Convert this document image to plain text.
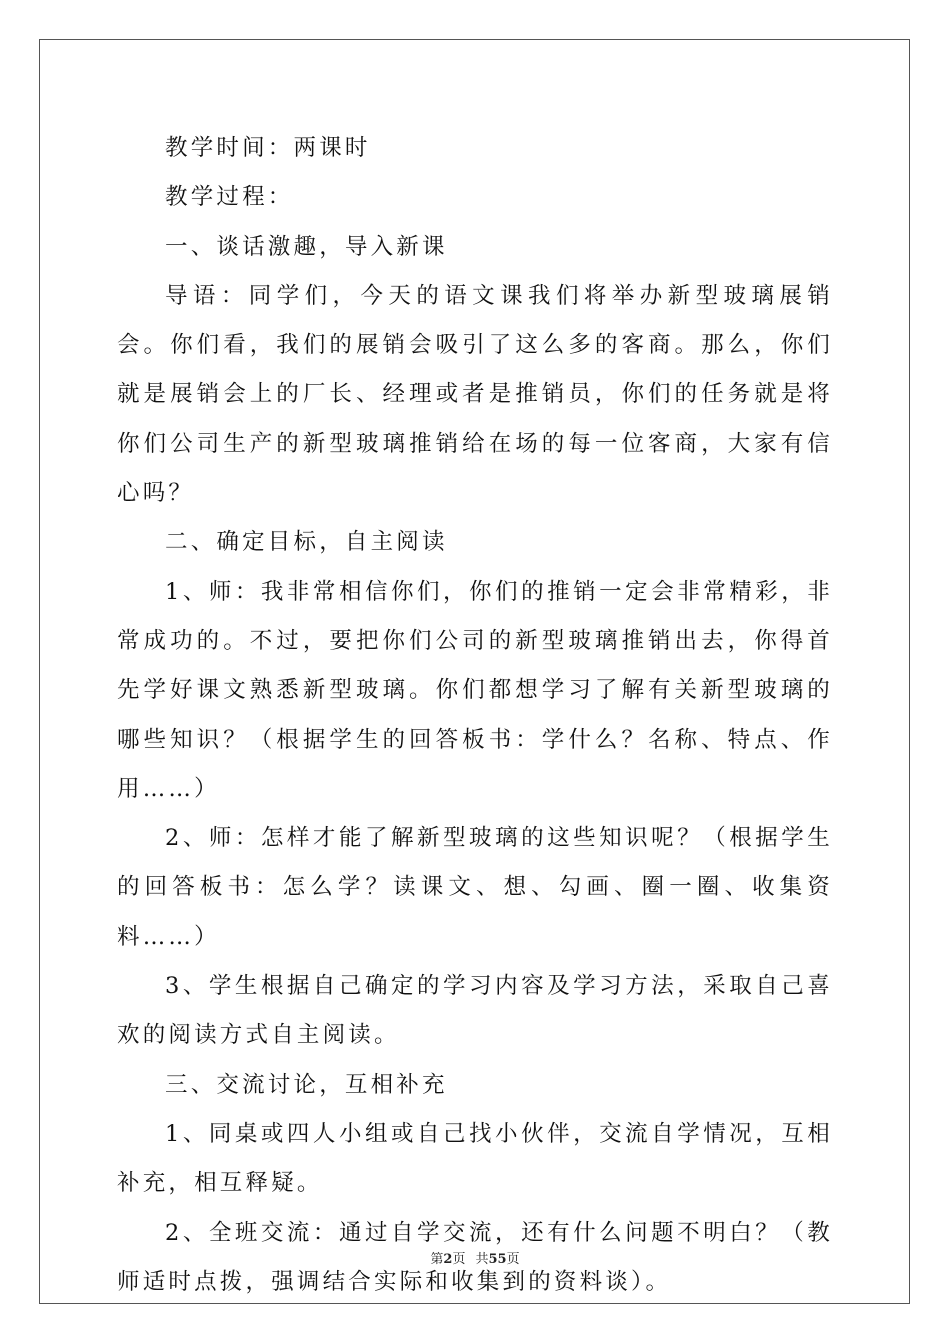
教学时间：两课时

教学过程：

一、谈话激趣，导入新课

导语：同学们，今天的语文课我们将举办新型玻璃展销会。你们看，我们的展销会吸引了这么多的客商。那么，你们就是展销会上的厂长、经理或者是推销员，你们的任务就是将你们公司生产的新型玻璃推销给在场的每一位客商，大家有信心吗？

二、确定目标，自主阅读

1、师：我非常相信你们，你们的推销一定会非常精彩，非常成功的。不过，要把你们公司的新型玻璃推销出去，你得首先学好课文熟悉新型玻璃。你们都想学习了解有关新型玻璃的哪些知识？（根据学生的回答板书：学什么？名称、特点、作用……）

2、师：怎样才能了解新型玻璃的这些知识呢？（根据学生的回答板书：怎么学？读课文、想、勾画、圈一圈、收集资料……）

3、学生根据自己确定的学习内容及学习方法，采取自己喜欢的阅读方式自主阅读。

三、交流讨论，互相补充

1、同桌或四人小组或自己找小伙伴，交流自学情况，互相补充，相互释疑。

2、全班交流：通过自学交流，还有什么问题不明白？（教师适时点拨，强调结合实际和收集到的资料谈）。

第2页 共55页
